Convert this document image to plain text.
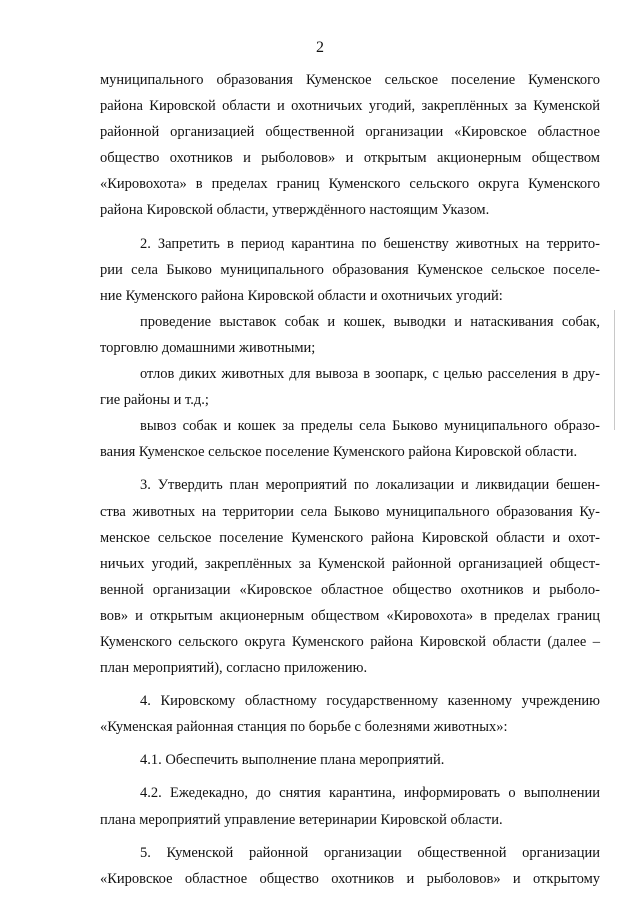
2
муниципального образования Куменское сельское поселение Куменского
района Кировской области и охотничьих угодий, закреплённых за Куменской
районной организацией общественной организации «Кировское областное
общество охотников и рыболовов» и открытым акционерным обществом
«Кировохота» в пределах границ Куменского сельского округа Куменского
района Кировской области, утверждённого настоящим Указом.
2. Запретить в период карантина по бешенству животных на террито-
рии села Быково муниципального образования Куменское сельское поселе-
ние Куменского района Кировской области и охотничьих угодий:
проведение выставок собак и кошек, выводки и натаскивания собак,
торговлю домашними животными;
отлов диких животных для вывоза в зоопарк, с целью расселения в дру-
гие районы и т.д.;
вывоз собак и кошек за пределы села Быково муниципального образо-
вания Куменское сельское поселение Куменского района Кировской области.
3. Утвердить план мероприятий по локализации и ликвидации бешен-
ства животных на территории села Быково муниципального образования Ку-
менское сельское поселение Куменского района Кировской области и охот-
ничьих угодий, закреплённых за Куменской районной организацией общест-
венной организации «Кировское областное общество охотников и рыболо-
вов» и открытым акционерным обществом «Кировохота» в пределах границ
Куменского сельского округа Куменского района Кировской области (далее –
план мероприятий), согласно приложению.
4. Кировскому областному государственному казенному учреждению
«Куменская районная станция по борьбе с болезнями животных»:
4.1. Обеспечить выполнение плана мероприятий.
4.2. Ежедекадно, до снятия карантина, информировать о выполнении
плана мероприятий управление ветеринарии Кировской области.
5. Куменской районной организации общественной организации
«Кировское областное общество охотников и рыболовов» и открытому
